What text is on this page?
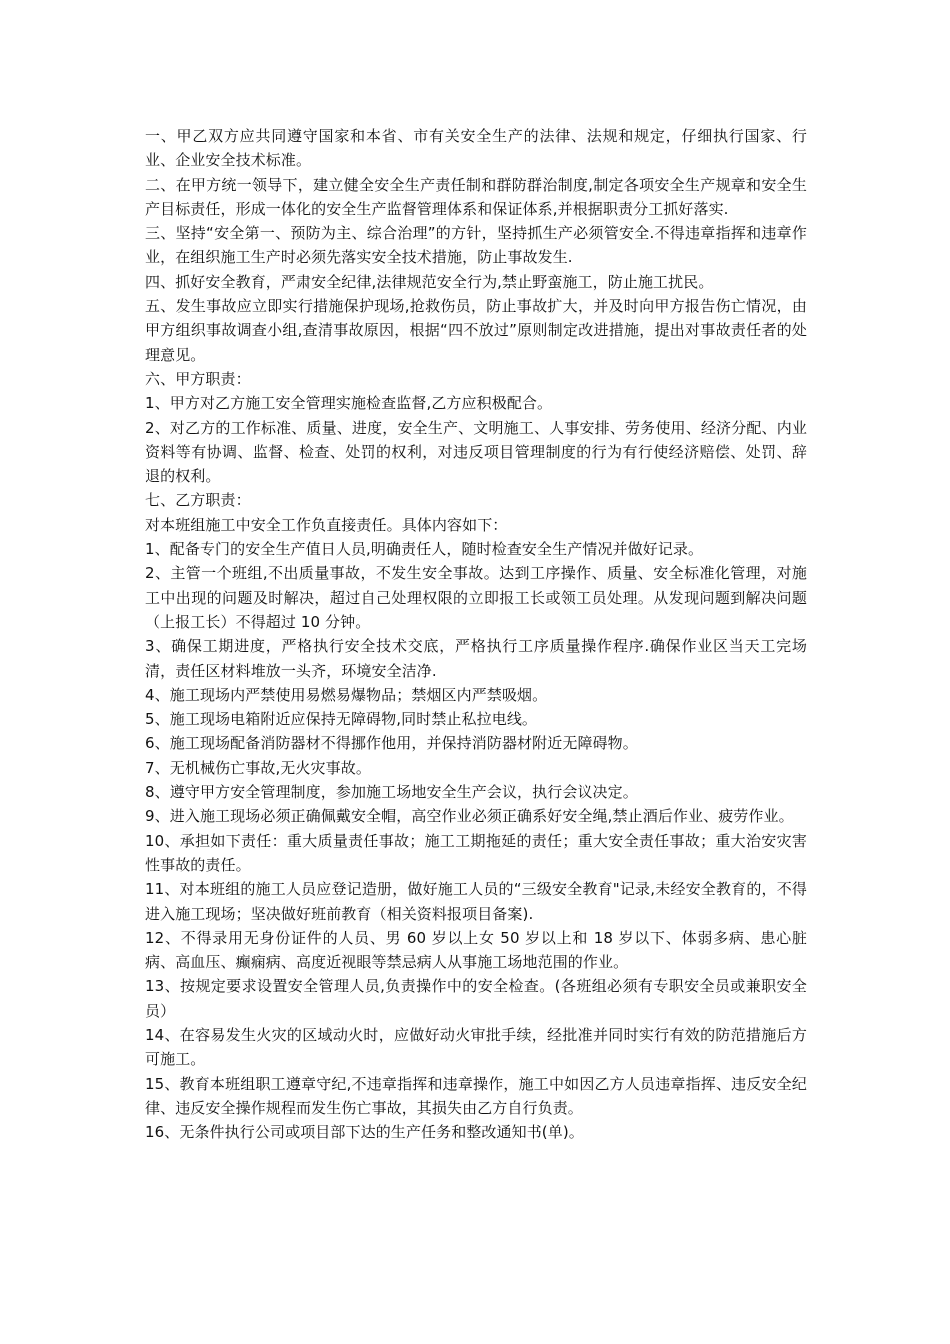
一、甲乙双方应共同遵守国家和本省、市有关安全生产的法律、法规和规定，仔细执行国家、行业、企业安全技术标准。

二、在甲方统一领导下，建立健全安全生产责任制和群防群治制度,制定各项安全生产规章和安全生产目标责任，形成一体化的安全生产监督管理体系和保证体系,并根据职责分工抓好落实.

三、坚持“安全第一、预防为主、综合治理”的方针，坚持抓生产必须管安全.不得违章指挥和违章作业，在组织施工生产时必须先落实安全技术措施，防止事故发生.

四、抓好安全教育，严肃安全纪律,法律规范安全行为,禁止野蛮施工，防止施工扰民。

五、发生事故应立即实行措施保护现场,抢救伤员，防止事故扩大，并及时向甲方报告伤亡情况，由甲方组织事故调查小组,查清事故原因，根据“四不放过”原则制定改进措施，提出对事故责任者的处理意见。

六、甲方职责：

1、甲方对乙方施工安全管理实施检查监督,乙方应积极配合。

2、对乙方的工作标准、质量、进度，安全生产、文明施工、人事安排、劳务使用、经济分配、内业资料等有协调、监督、检查、处罚的权利，对违反项目管理制度的行为有行使经济赔偿、处罚、辞退的权利。

七、乙方职责：

对本班组施工中安全工作负直接责任。具体内容如下：

1、配备专门的安全生产值日人员,明确责任人，随时检查安全生产情况并做好记录。

2、主管一个班组,不出质量事故，不发生安全事故。达到工序操作、质量、安全标准化管理，对施工中出现的问题及时解决，超过自己处理权限的立即报工长或领工员处理。从发现问题到解决问题（上报工长）不得超过 10 分钟。

3、确保工期进度，严格执行安全技术交底，严格执行工序质量操作程序.确保作业区当天工完场清，责任区材料堆放一头齐，环境安全洁净.

4、施工现场内严禁使用易燃易爆物品；禁烟区内严禁吸烟。

5、施工现场电箱附近应保持无障碍物,同时禁止私拉电线。

6、施工现场配备消防器材不得挪作他用，并保持消防器材附近无障碍物。

7、无机械伤亡事故,无火灾事故。

8、遵守甲方安全管理制度，参加施工场地安全生产会议，执行会议决定。

9、进入施工现场必须正确佩戴安全帽，高空作业必须正确系好安全绳,禁止酒后作业、疲劳作业。

10、承担如下责任：重大质量责任事故；施工工期拖延的责任；重大安全责任事故；重大治安灾害性事故的责任。

11、对本班组的施工人员应登记造册，做好施工人员的“三级安全教育"记录,未经安全教育的，不得进入施工现场；坚决做好班前教育（相关资料报项目备案).

12、不得录用无身份证件的人员、男 60 岁以上女 50 岁以上和 18 岁以下、体弱多病、患心脏病、高血压、癫痫病、高度近视眼等禁忌病人从事施工场地范围的作业。

13、按规定要求设置安全管理人员,负责操作中的安全检查。(各班组必须有专职安全员或兼职安全员）

14、在容易发生火灾的区域动火时，应做好动火审批手续，经批准并同时实行有效的防范措施后方可施工。

15、教育本班组职工遵章守纪,不违章指挥和违章操作，施工中如因乙方人员违章指挥、违反安全纪律、违反安全操作规程而发生伤亡事故，其损失由乙方自行负责。

16、无条件执行公司或项目部下达的生产任务和整改通知书(单)。
